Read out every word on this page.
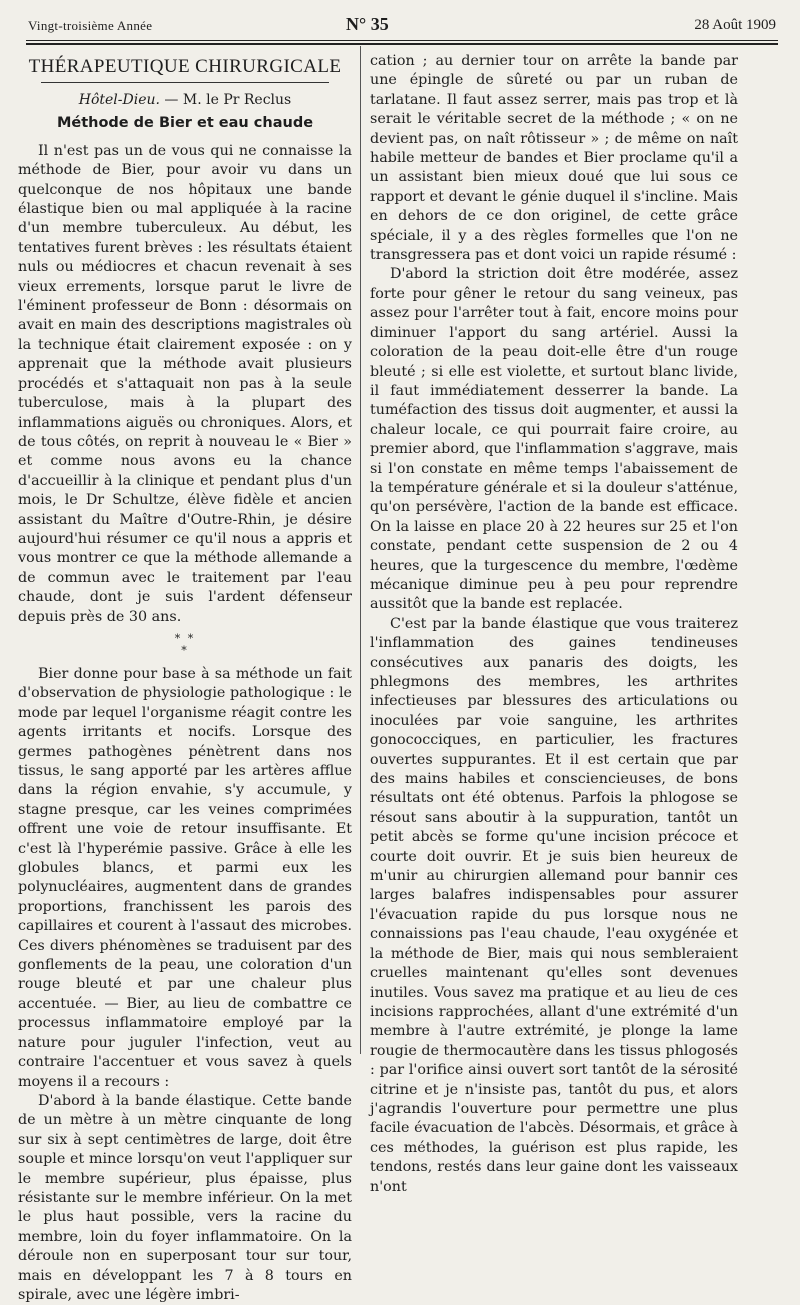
Vingt-troisième Année	N° 35	28 Août 1909
THÉRAPEUTIQUE CHIRURGICALE
Hôtel-Dieu. — M. le Pr Reclus
Méthode de Bier et eau chaude

Il n'est pas un de vous qui ne connaisse la méthode de Bier, pour avoir vu dans un quelconque de nos hôpitaux une bande élastique bien ou mal appliquée à la racine d'un membre tuberculeux. Au début, les tentatives furent brèves : les résultats étaient nuls ou médiocres et chacun revenait à ses vieux errements, lorsque parut le livre de l'éminent professeur de Bonn : désormais on avait en main des descriptions magistrales où la technique était clairement exposée : on y apprenait que la méthode avait plusieurs procédés et s'attaquait non pas à la seule tuberculose, mais à la plupart des inflammations aiguës ou chroniques. Alors, et de tous côtés, on reprit à nouveau le « Bier » et comme nous avons eu la chance d'accueillir à la clinique et pendant plus d'un mois, le Dr Schultze, élève fidèle et ancien assistant du Maître d'Outre-Rhin, je désire aujourd'hui résumer ce qu'il nous a appris et vous montrer ce que la méthode allemande a de commun avec le traitement par l'eau chaude, dont je suis l'ardent défenseur depuis près de 30 ans.

* *
*

Bier donne pour base à sa méthode un fait d'observation de physiologie pathologique : le mode par lequel l'organisme réagit contre les agents irritants et nocifs. Lorsque des germes pathogènes pénètrent dans nos tissus, le sang apporté par les artères afflue dans la région envahie, s'y accumule, y stagne presque, car les veines comprimées offrent une voie de retour insuffisante. Et c'est là l'hyperémie passive. Grâce à elle les globules blancs, et parmi eux les polynucléaires, augmentent dans de grandes proportions, franchissent les parois des capillaires et courent à l'assaut des microbes. Ces divers phénomènes se traduisent par des gonflements de la peau, une coloration d'un rouge bleuté et par une chaleur plus accentuée. — Bier, au lieu de combattre ce processus inflammatoire employé par la nature pour juguler l'infection, veut au contraire l'accentuer et vous savez à quels moyens il a recours :

D'abord à la bande élastique. Cette bande de un mètre à un mètre cinquante de long sur six à sept centimètres de large, doit être souple et mince lorsqu'on veut l'appliquer sur le membre supérieur, plus épaisse, plus résistante sur le membre inférieur. On la met le plus haut possible, vers la racine du membre, loin du foyer inflammatoire. On la déroule non en superposant tour sur tour, mais en développant les 7 à 8 tours en spirale, avec une légère imbri-

cation ; au dernier tour on arrête la bande par une épingle de sûreté ou par un ruban de tarlatane. Il faut assez serrer, mais pas trop et là serait le véritable secret de la méthode ; « on ne devient pas, on naît rôtisseur » ; de même on naît habile metteur de bandes et Bier proclame qu'il a un assistant bien mieux doué que lui sous ce rapport et devant le génie duquel il s'incline. Mais en dehors de ce don originel, de cette grâce spéciale, il y a des règles formelles que l'on ne transgressera pas et dont voici un rapide résumé :

D'abord la striction doit être modérée, assez forte pour gêner le retour du sang veineux, pas assez pour l'arrêter tout à fait, encore moins pour diminuer l'apport du sang artériel. Aussi la coloration de la peau doit-elle être d'un rouge bleuté ; si elle est violette, et surtout blanc livide, il faut immédiatement desserrer la bande. La tuméfaction des tissus doit augmenter, et aussi la chaleur locale, ce qui pourrait faire croire, au premier abord, que l'inflammation s'aggrave, mais si l'on constate en même temps l'abaissement de la température générale et si la douleur s'atténue, qu'on persévère, l'action de la bande est efficace. On la laisse en place 20 à 22 heures sur 25 et l'on constate, pendant cette suspension de 2 ou 4 heures, que la turgescence du membre, l'œdème mécanique diminue peu à peu pour reprendre aussitôt que la bande est replacée.

C'est par la bande élastique que vous traiterez l'inflammation des gaines tendineuses consécutives aux panaris des doigts, les phlegmons des membres, les arthrites infectieuses par blessures des articulations ou inoculées par voie sanguine, les arthrites gonococciques, en particulier, les fractures ouvertes suppurantes. Et il est certain que par des mains habiles et consciencieuses, de bons résultats ont été obtenus. Parfois la phlogose se résout sans aboutir à la suppuration, tantôt un petit abcès se forme qu'une incision précoce et courte doit ouvrir. Et je suis bien heureux de m'unir au chirurgien allemand pour bannir ces larges balafres indispensables pour assurer l'évacuation rapide du pus lorsque nous ne connaissions pas l'eau chaude, l'eau oxygénée et la méthode de Bier, mais qui nous sembleraient cruelles maintenant qu'elles sont devenues inutiles. Vous savez ma pratique et au lieu de ces incisions rapprochées, allant d'une extrémité d'un membre à l'autre extrémité, je plonge la lame rougie de thermocautère dans les tissus phlogosés : par l'orifice ainsi ouvert sort tantôt de la sérosité citrine et je n'insiste pas, tantôt du pus, et alors j'agrandis l'ouverture pour permettre une plus facile évacuation de l'abcès. Désormais, et grâce à ces méthodes, la guérison est plus rapide, les tendons, restés dans leur gaine dont les vaisseaux n'ont
